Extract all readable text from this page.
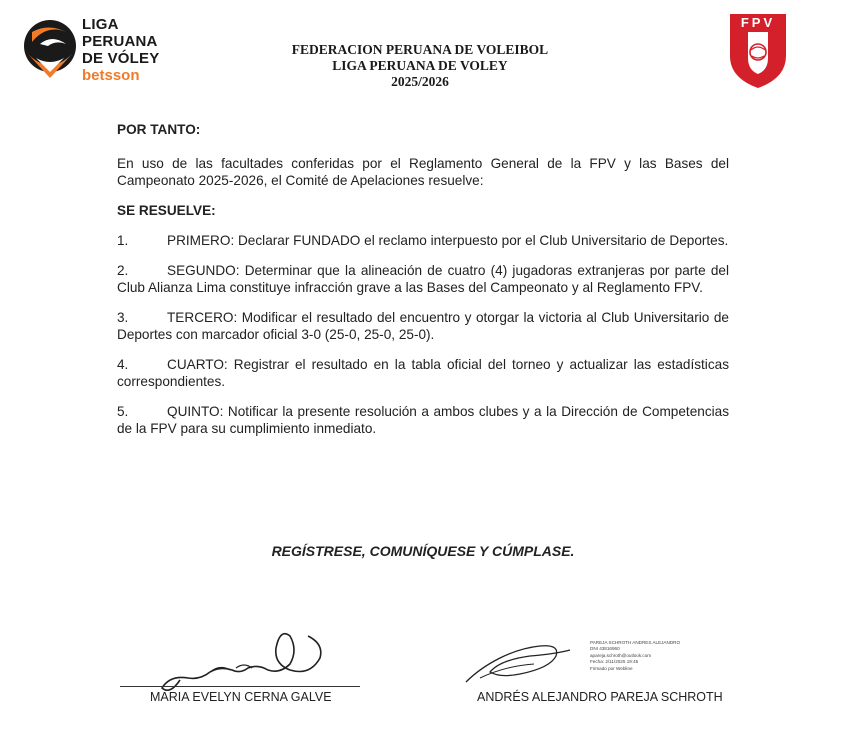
LIGA
PERUANA
DE VÓLEY
betsson
FEDERACION PERUANA DE VOLEIBOL
LIGA PERUANA DE VOLEY
2025/2026
FPV

POR TANTO:

En uso de las facultades conferidas por el Reglamento General de la FPV y las Bases del Campeonato 2025-2026, el Comité de Apelaciones resuelve:

SE RESUELVE:

1.	PRIMERO: Declarar FUNDADO el reclamo interpuesto por el Club Universitario de Deportes.

2.	SEGUNDO: Determinar que la alineación de cuatro (4) jugadoras extranjeras por parte del Club Alianza Lima constituye infracción grave a las Bases del Campeonato y al Reglamento FPV.

3.	TERCERO: Modificar el resultado del encuentro y otorgar la victoria al Club Universitario de Deportes con marcador oficial 3-0 (25-0, 25-0, 25-0).

4.	CUARTO: Registrar el resultado en la tabla oficial del torneo y actualizar las estadísticas correspondientes.

5.	QUINTO: Notificar la presente resolución a ambos clubes y a la Dirección de Competencias de la FPV para su cumplimiento inmediato.

REGÍSTRESE, COMUNÍQUESE Y CÚMPLASE.
MARIA EVELYN CERNA GALVE
PAREJA SCHROTH ANDRES ALEJANDRO
DNI 43816960
apareja.schroth@outlook.com
Fecha: 2/11/2025 19:45
Firmado por Webline
ANDRÉS ALEJANDRO PAREJA SCHROTH
